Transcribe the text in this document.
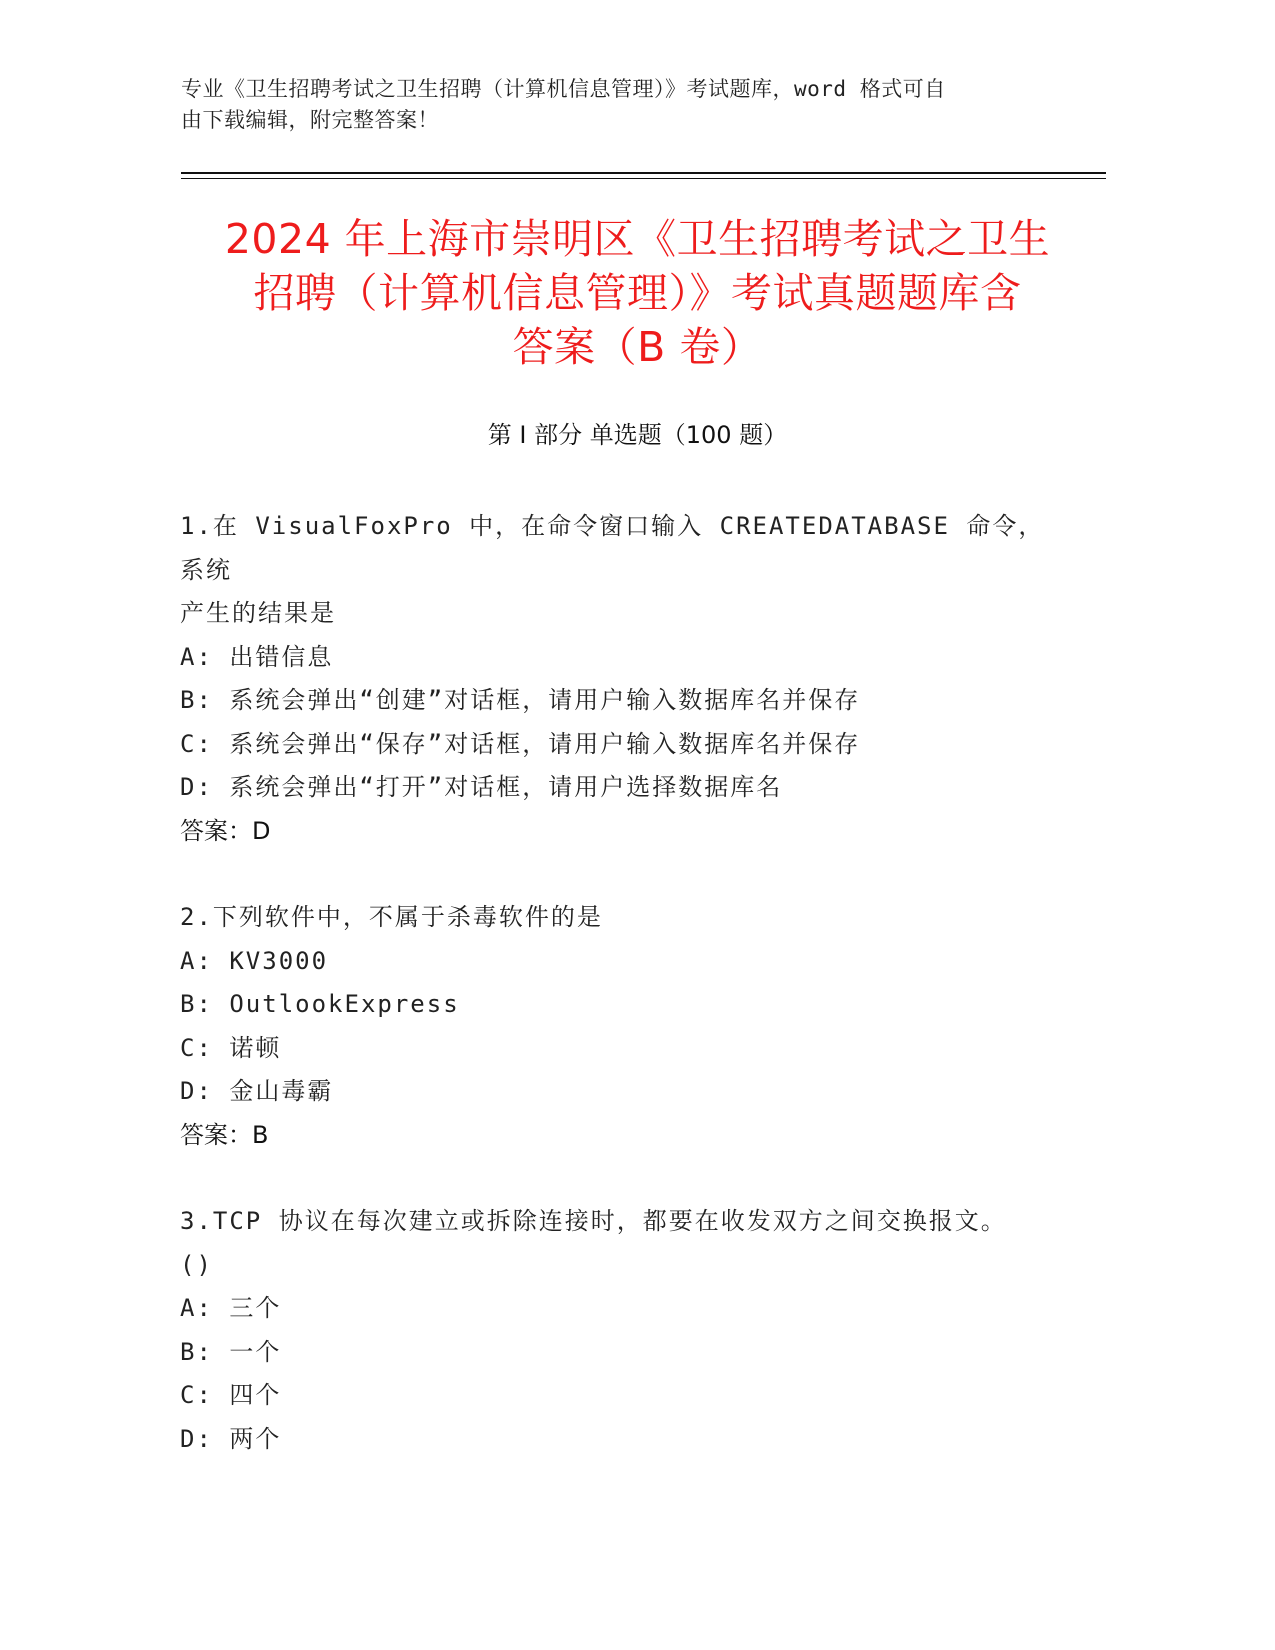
专业《卫生招聘考试之卫生招聘（计算机信息管理）》考试题库，word 格式可自
由下载编辑，附完整答案！
2024 年上海市崇明区《卫生招聘考试之卫生
招聘（计算机信息管理）》考试真题题库含
答案（B 卷）
第 I 部分 单选题（100 题）
1.在 VisualFoxPro 中，在命令窗口输入 CREATEDATABASE 命令，系统
产生的结果是
A: 出错信息
B: 系统会弹出“创建”对话框，请用户输入数据库名并保存
C: 系统会弹出“保存”对话框，请用户输入数据库名并保存
D: 系统会弹出“打开”对话框，请用户选择数据库名
答案：D
2.下列软件中，不属于杀毒软件的是
A: KV3000
B: OutlookExpress
C: 诺顿
D: 金山毒霸
答案：B
3.TCP 协议在每次建立或拆除连接时，都要在收发双方之间交换报文。
()
A: 三个
B: 一个
C: 四个
D: 两个
